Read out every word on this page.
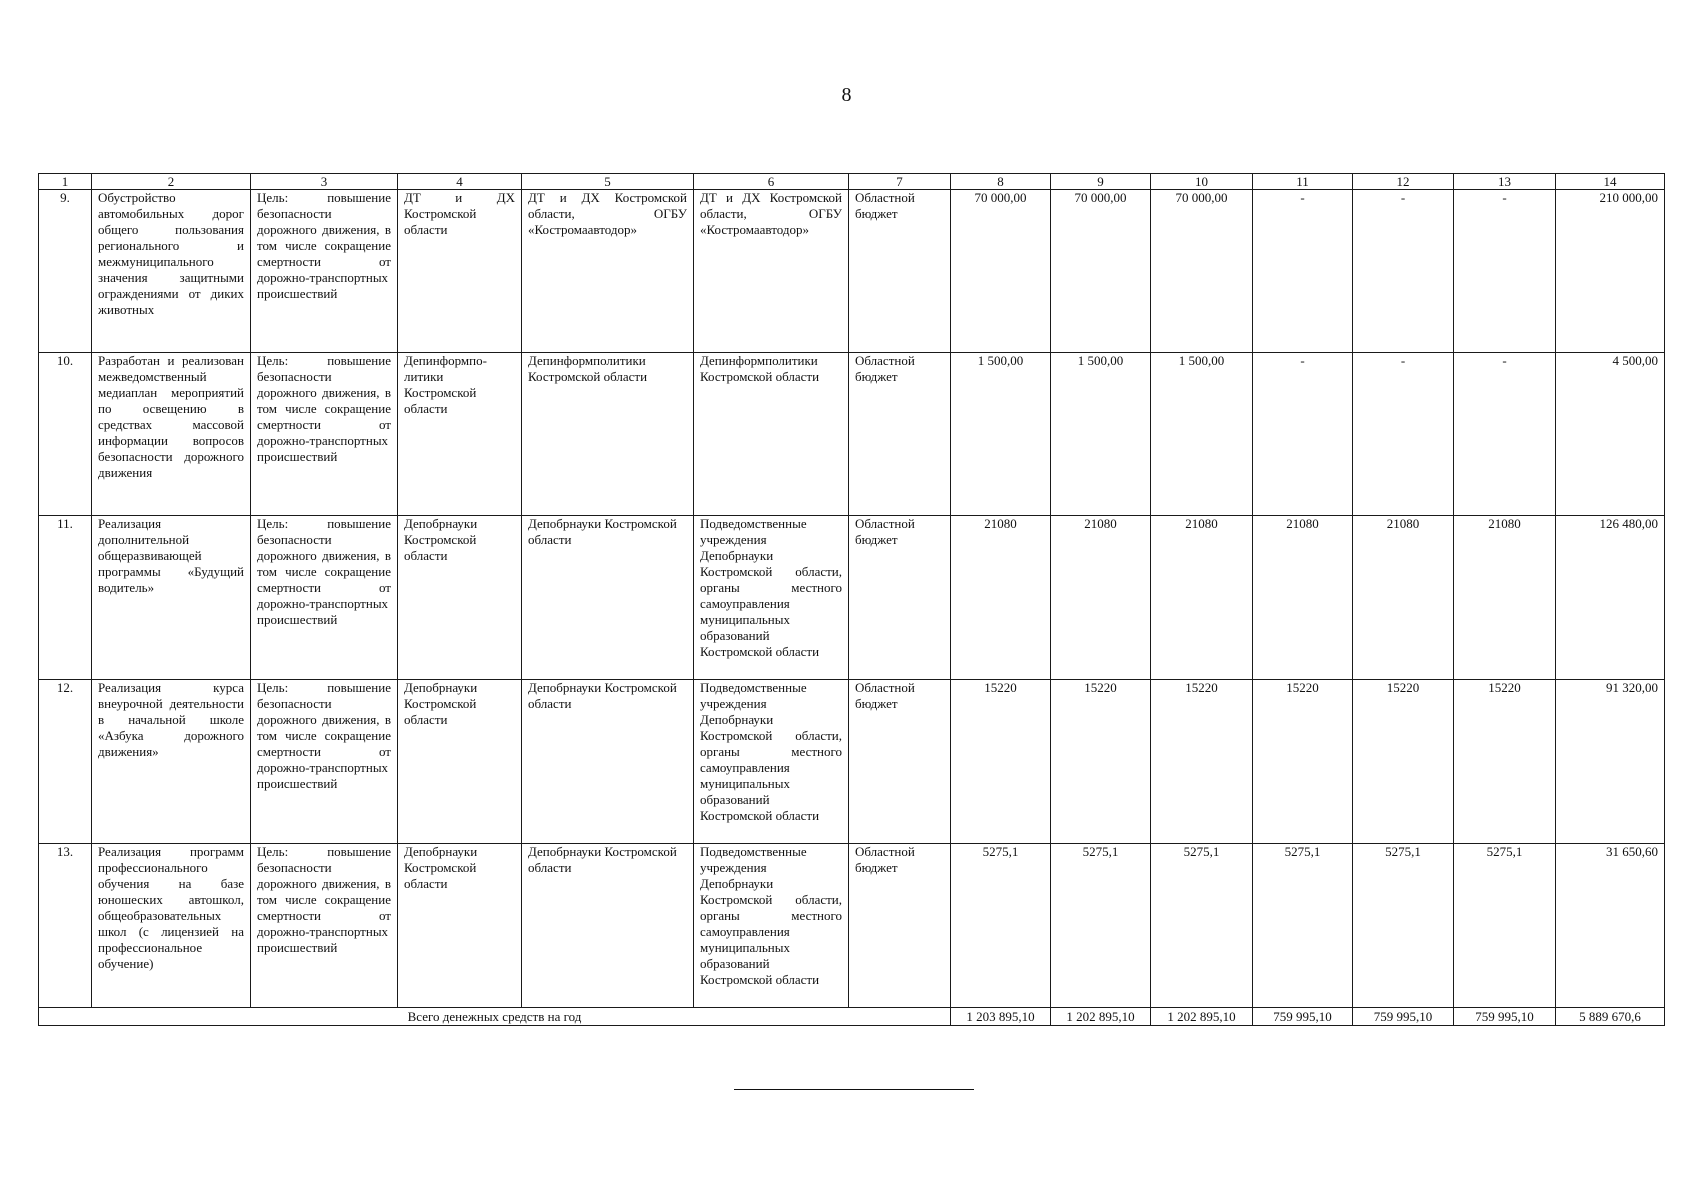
8
1	2	3	4	5	6	7	8	9	10	11	12	13	14
9.	Обустройство автомобильных дорог общего пользования регионального и межмуниципального значения защитными ограждениями от диких животных	Цель: повышение безопасности дорожного движения, в том числе сокращение смертности от дорожно-транспортных происшествий	ДТ и ДХ Костромской области	ДТ и ДХ Костромской области, ОГБУ «Костромаавтодор»	ДТ и ДХ Костромской области, ОГБУ «Костромаавтодор»	Областной бюджет	70 000,00	70 000,00	70 000,00	-	-	-	210 000,00
10.	Разработан и реализован межведомственный медиаплан мероприятий по освещению в средствах массовой информации вопросов безопасности дорожного движения	Цель: повышение безопасности дорожного движения, в том числе сокращение смертности от дорожно-транспортных происшествий	Депинформпо-литики Костромской области	Депинформполитики Костромской области	Депинформполитики Костромской области	Областной бюджет	1 500,00	1 500,00	1 500,00	-	-	-	4 500,00
11.	Реализация дополнительной общеразвивающей программы «Будущий водитель»	Цель: повышение безопасности дорожного движения, в том числе сокращение смертности от дорожно-транспортных происшествий	Депобрнауки Костромской области	Депобрнауки Костромской области	Подведомственные учреждения Депобрнауки Костромской области, органы местного самоуправления муниципальных образований Костромской области	Областной бюджет	21080	21080	21080	21080	21080	21080	126 480,00
12.	Реализация курса внеурочной деятельности в начальной школе «Азбука дорожного движения»	Цель: повышение безопасности дорожного движения, в том числе сокращение смертности от дорожно-транспортных происшествий	Депобрнауки Костромской области	Депобрнауки Костромской области	Подведомственные учреждения Депобрнауки Костромской области, органы местного самоуправления муниципальных образований Костромской области	Областной бюджет	15220	15220	15220	15220	15220	15220	91 320,00
13.	Реализация программ профессионального обучения на базе юношеских автошкол, общеобразовательных школ (с лицензией на профессиональное обучение)	Цель: повышение безопасности дорожного движения, в том числе сокращение смертности от дорожно-транспортных происшествий	Депобрнауки Костромской области	Депобрнауки Костромской области	Подведомственные учреждения Депобрнауки Костромской области, органы местного самоуправления муниципальных образований Костромской области	Областной бюджет	5275,1	5275,1	5275,1	5275,1	5275,1	5275,1	31 650,60
Всего денежных средств на год							1 203 895,10	1 202 895,10	1 202 895,10	759 995,10	759 995,10	759 995,10	5 889 670,6
